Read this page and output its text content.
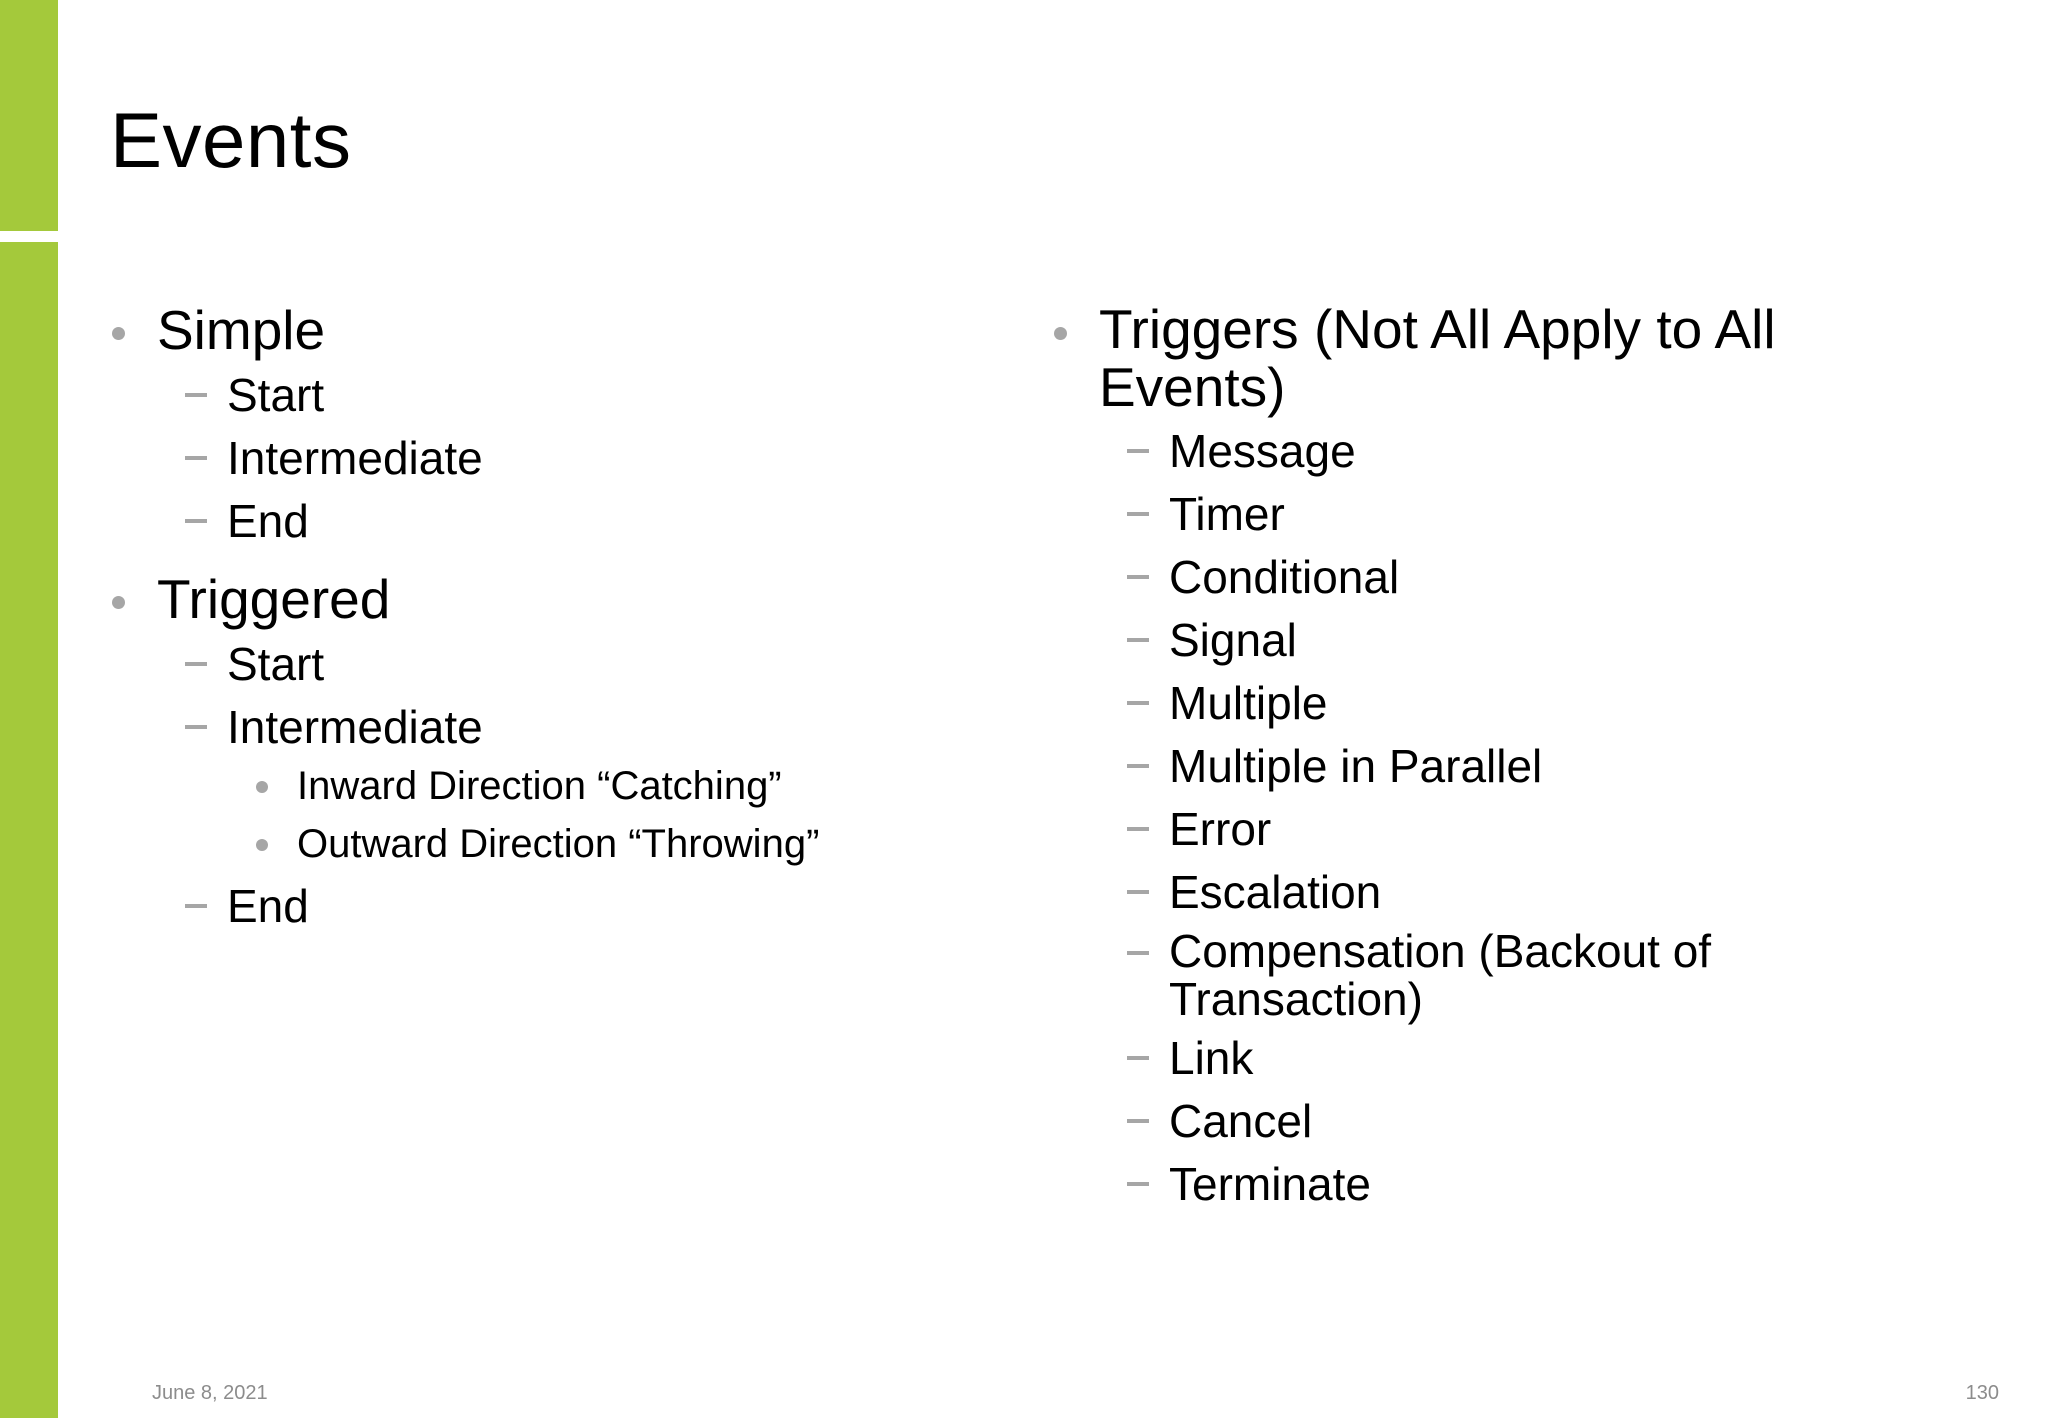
Events
Simple
Start
Intermediate
End
Triggered
Start
Intermediate
Inward Direction “Catching”
Outward Direction “Throwing”
End
Triggers (Not All Apply to All Events)
Message
Timer
Conditional
Signal
Multiple
Multiple in Parallel
Error
Escalation
Compensation (Backout of Transaction)
Link
Cancel
Terminate
June 8, 2021	130
